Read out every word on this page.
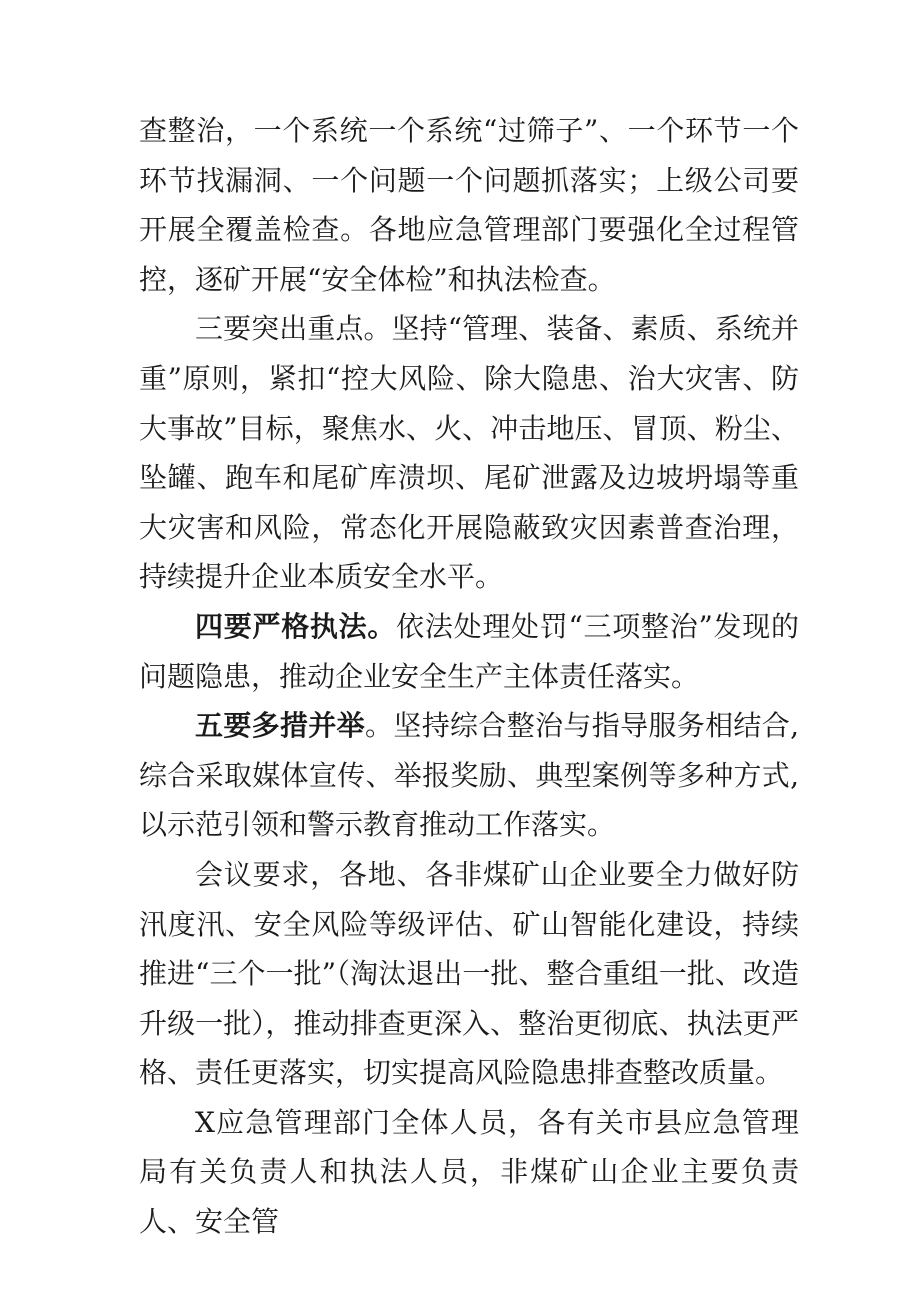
查整治，一个系统一个系统“过筛子”、一个环节一个环节找漏洞、一个问题一个问题抓落实；上级公司要开展全覆盖检查。各地应急管理部门要强化全过程管控，逐矿开展“安全体检”和执法检查。

三要突出重点。坚持“管理、装备、素质、系统并重”原则，紧扣“控大风险、除大隐患、治大灾害、防大事故”目标，聚焦水、火、冲击地压、冒顶、粉尘、坠罐、跑车和尾矿库溃坝、尾矿泄露及边坡坍塌等重大灾害和风险，常态化开展隐蔽致灾因素普查治理，持续提升企业本质安全水平。

四要严格执法。依法处理处罚“三项整治”发现的问题隐患，推动企业安全生产主体责任落实。

五要多措并举。坚持综合整治与指导服务相结合,综合采取媒体宣传、举报奖励、典型案例等多种方式,以示范引领和警示教育推动工作落实。

会议要求，各地、各非煤矿山企业要全力做好防汛度汛、安全风险等级评估、矿山智能化建设，持续推进“三个一批”（淘汰退出一批、整合重组一批、改造升级一批），推动排查更深入、整治更彻底、执法更严格、责任更落实，切实提高风险隐患排查整改质量。

X应急管理部门全体人员，各有关市县应急管理局有关负责人和执法人员，非煤矿山企业主要负责人、安全管
